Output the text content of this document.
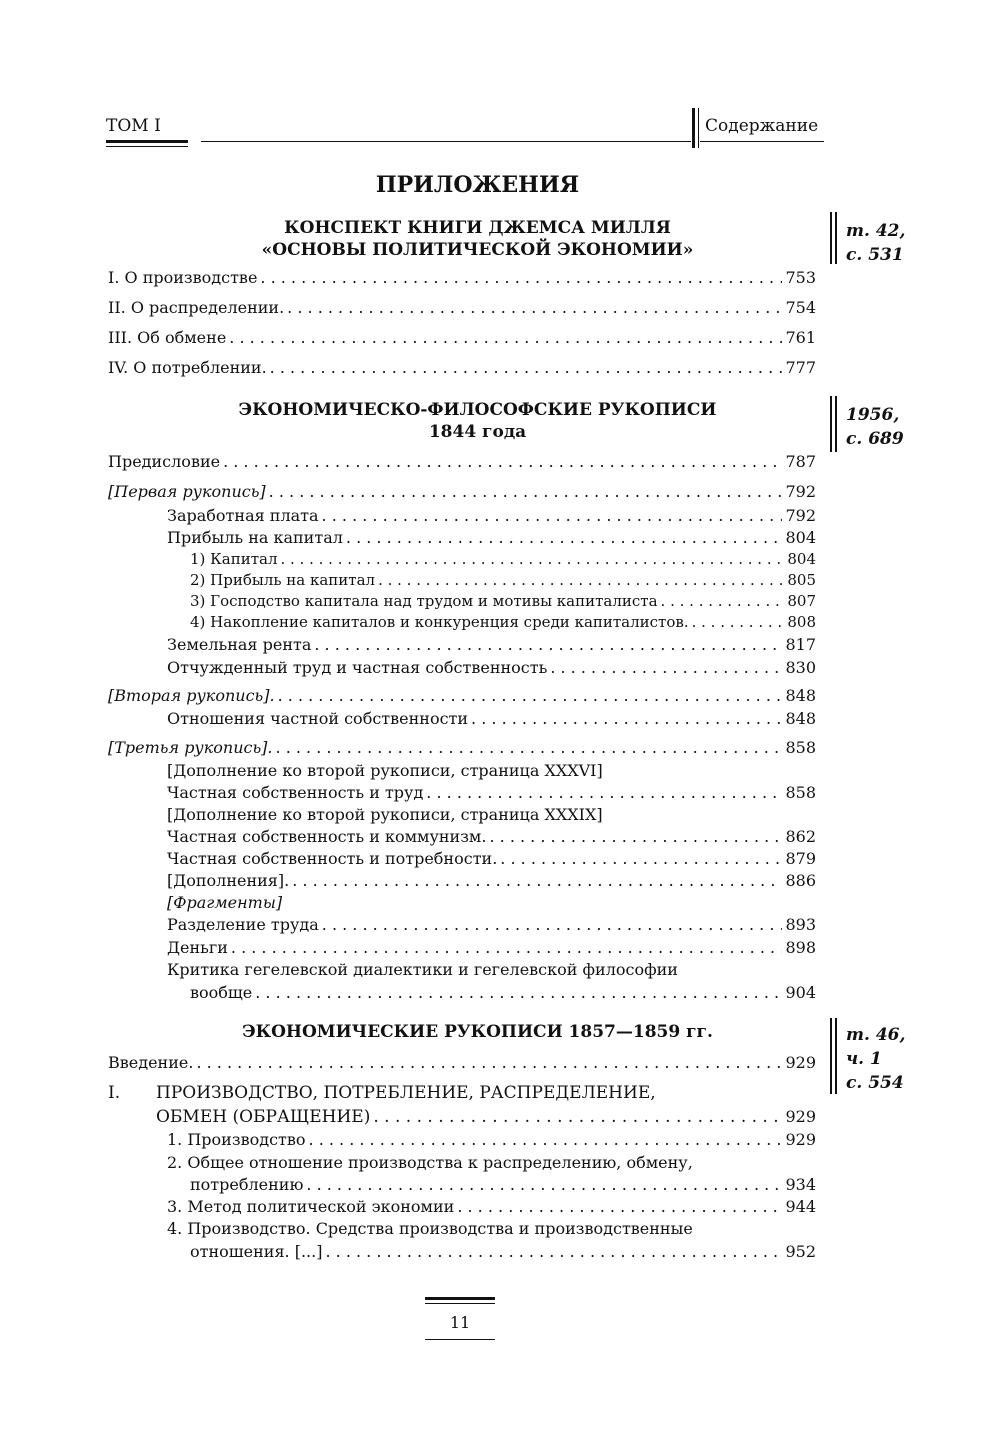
ТОМ I	Содержание
ПРИЛОЖЕНИЯ
КОНСПЕКТ КНИГИ ДЖЕМСА МИЛЛЯ
«ОСНОВЫ ПОЛИТИЧЕСКОЙ ЭКОНОМИИ»
т. 42,
с. 531
I. О производстве . . .	753
II. О распределении. . . .	754
III. Об обмене . . .	761
IV. О потреблении. . . .	777
ЭКОНОМИЧЕСКО-ФИЛОСОФСКИЕ РУКОПИСИ
1844 года
1956,
с. 689
Предисловие . . .	787
[Первая рукопись] . . .	792
Заработная плата . . .	792
Прибыль на капитал . . .	804
1) Капитал . . .	804
2) Прибыль на капитал . . .	805
3) Господство капитала над трудом и мотивы капиталиста . . .	807
4) Накопление капиталов и конкуренция среди капиталистов. . . .	808
Земельная рента . . .	817
Отчужденный труд и частная собственность . . .	830
[Вторая рукопись]. . . .	848
Отношения частной собственности . . .	848
[Третья рукопись]. . . .	858
[Дополнение ко второй рукописи, страница XXXVI]
Частная собственность и труд . . .	858
[Дополнение ко второй рукописи, страница XXXIX]
Частная собственность и коммунизм. . . .	862
Частная собственность и потребности. . . .	879
[Дополнения]. . . .	886
[Фрагменты]
Разделение труда . . .	893
Деньги . . .	898
Критика гегелевской диалектики и гегелевской философии
вообще . . .	904
ЭКОНОМИЧЕСКИЕ РУКОПИСИ 1857—1859 гг.	т. 46,
ч. 1
с. 554
Введение. . . .	929
I. ПРОИЗВОДСТВО, ПОТРЕБЛЕНИЕ, РАСПРЕДЕЛЕНИЕ,
ОБМЕН (ОБРАЩЕНИЕ) . . .	929
1. Производство . . .	929
2. Общее отношение производства к распределению, обмену,
потреблению . . .	934
3. Метод политической экономии . . .	944
4. Производство. Средства производства и производственные
отношения. [...] . . .	952
11
